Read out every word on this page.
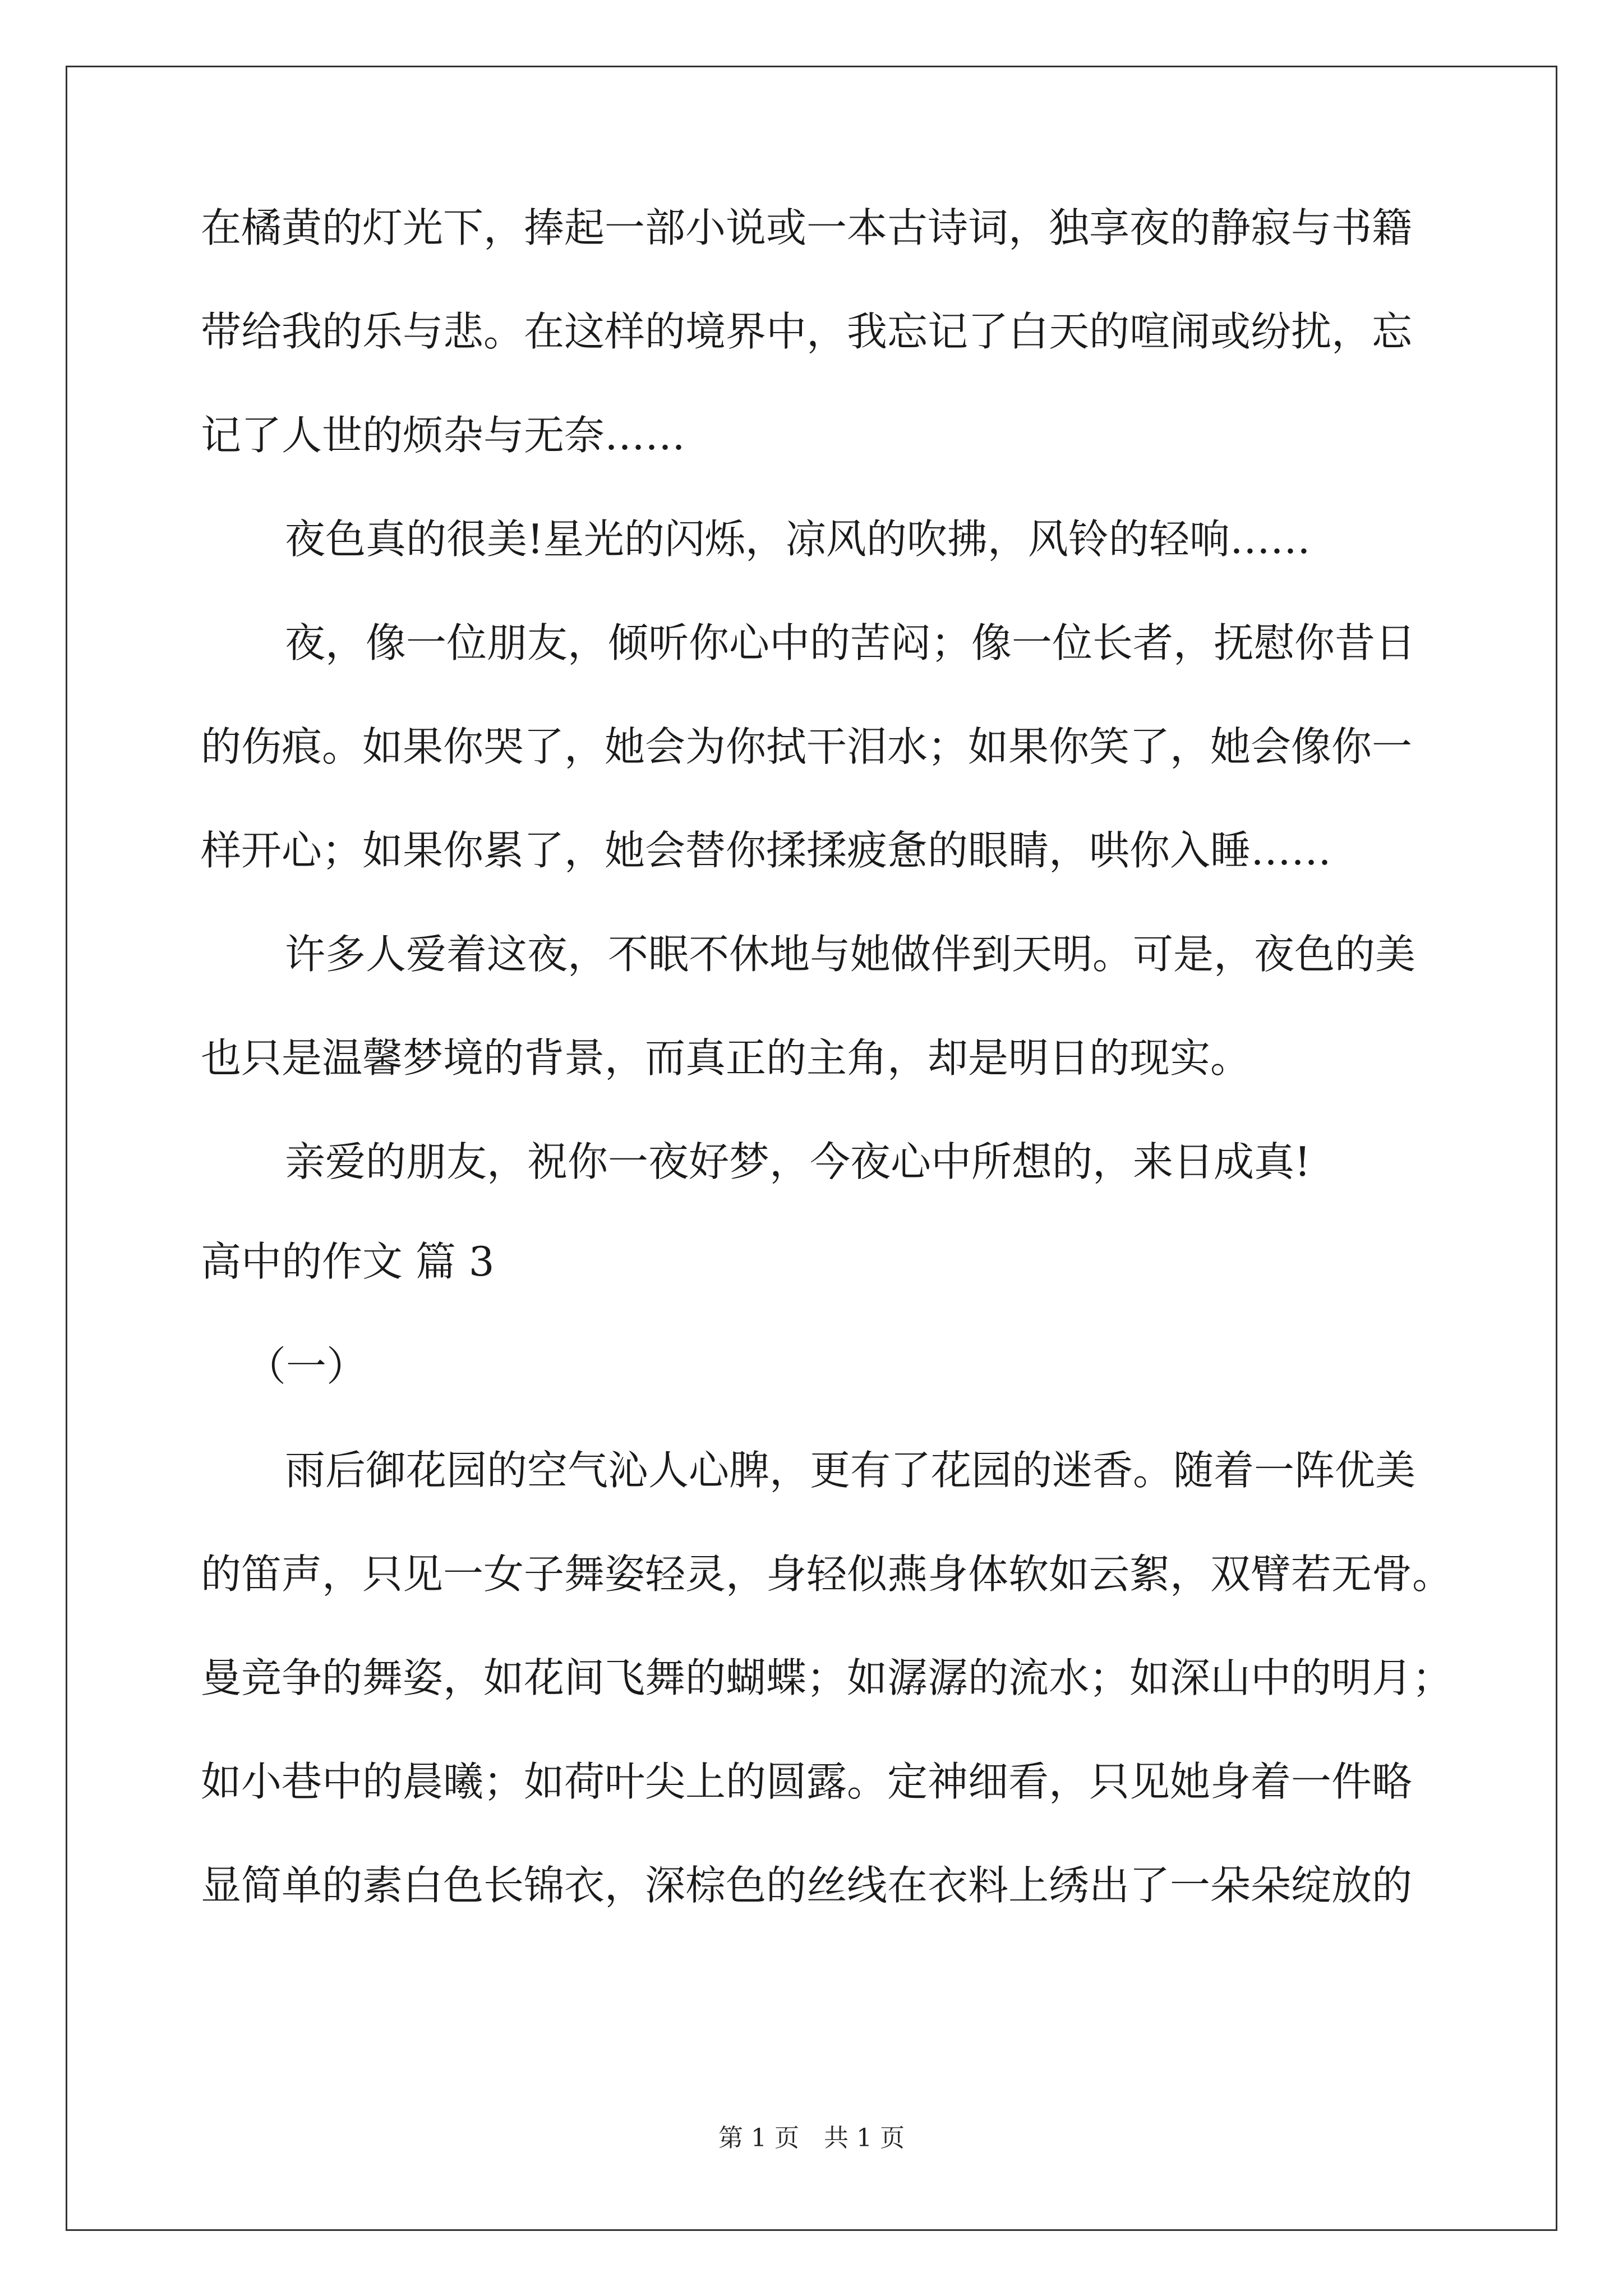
在橘黄的灯光下，捧起一部小说或一本古诗词，独享夜的静寂与书籍
带给我的乐与悲。在这样的境界中，我忘记了白天的喧闹或纷扰，忘
记了人世的烦杂与无奈……
夜色真的很美!星光的闪烁，凉风的吹拂，风铃的轻响……
夜，像一位朋友，倾听你心中的苦闷；像一位长者，抚慰你昔日
的伤痕。如果你哭了，她会为你拭干泪水；如果你笑了，她会像你一
样开心；如果你累了，她会替你揉揉疲惫的眼睛，哄你入睡……
许多人爱着这夜，不眠不休地与她做伴到天明。可是，夜色的美
也只是温馨梦境的背景，而真正的主角，却是明日的现实。
亲爱的朋友，祝你一夜好梦，今夜心中所想的，来日成真!
高中的作文 篇 3
（一）
雨后御花园的空气沁人心脾，更有了花园的迷香。随着一阵优美
的笛声，只见一女子舞姿轻灵，身轻似燕身体软如云絮，双臂若无骨。
曼竞争的舞姿，如花间飞舞的蝴蝶；如潺潺的流水；如深山中的明月；
如小巷中的晨曦；如荷叶尖上的圆露。定神细看，只见她身着一件略
显简单的素白色长锦衣，深棕色的丝线在衣料上绣出了一朵朵绽放的
第 1 页　共 1 页
